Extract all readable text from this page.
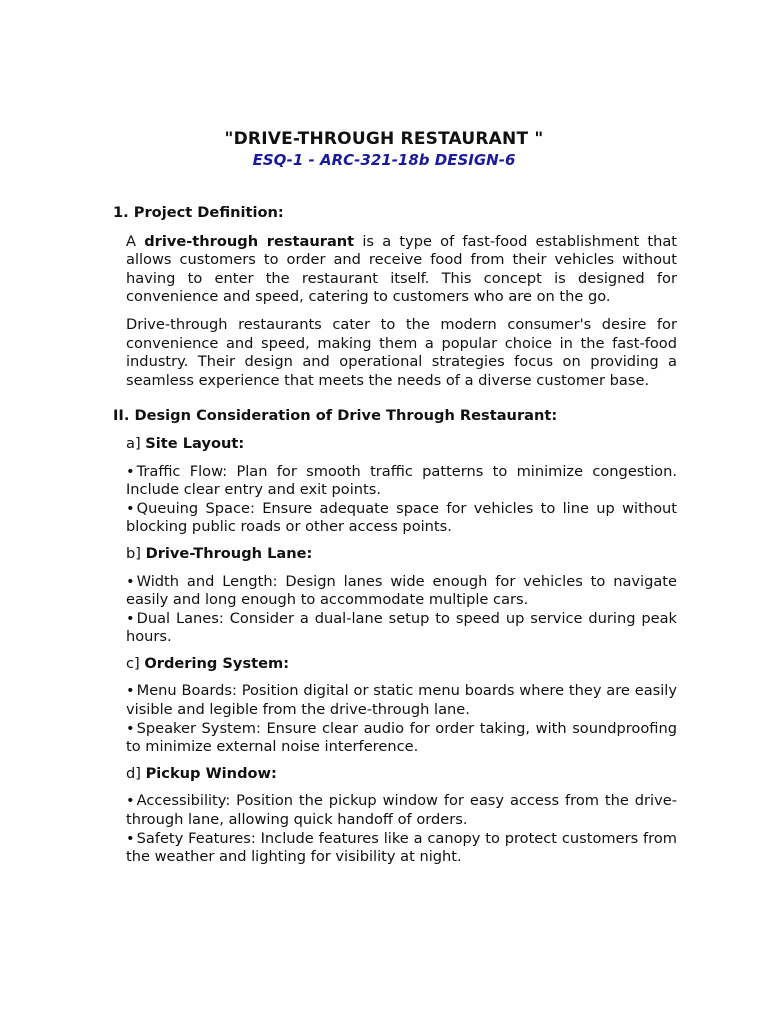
"DRIVE-THROUGH RESTAURANT "
ESQ-1 - ARC-321-18b DESIGN-6

1. Project Definition:

A drive-through restaurant is a type of fast-food establishment that allows customers to order and receive food from their vehicles without having to enter the restaurant itself. This concept is designed for convenience and speed, catering to customers who are on the go.

Drive-through restaurants cater to the modern consumer's desire for convenience and speed, making them a popular choice in the fast-food industry. Their design and operational strategies focus on providing a seamless experience that meets the needs of a diverse customer base.

II. Design Consideration of Drive Through Restaurant:

a] Site Layout:

• Traffic Flow: Plan for smooth traffic patterns to minimize congestion. Include clear entry and exit points.
• Queuing Space: Ensure adequate space for vehicles to line up without blocking public roads or other access points.

b] Drive-Through Lane:

• Width and Length: Design lanes wide enough for vehicles to navigate easily and long enough to accommodate multiple cars.
• Dual Lanes: Consider a dual-lane setup to speed up service during peak hours.

c] Ordering System:

• Menu Boards: Position digital or static menu boards where they are easily visible and legible from the drive-through lane.
• Speaker System: Ensure clear audio for order taking, with soundproofing to minimize external noise interference.

d] Pickup Window:

• Accessibility: Position the pickup window for easy access from the drive-through lane, allowing quick handoff of orders.
• Safety Features: Include features like a canopy to protect customers from the weather and lighting for visibility at night.
